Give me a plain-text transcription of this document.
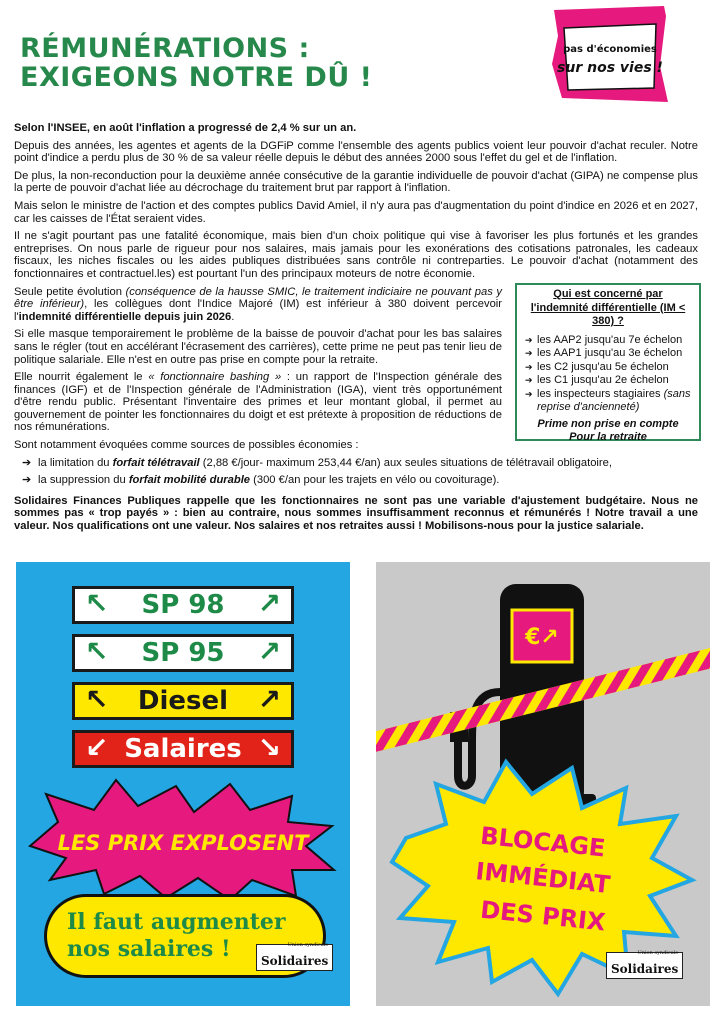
RÉMUNÉRATIONS :
EXIGEONS NOTRE DÛ !
pas d'économies
sur nos vies !

Selon l'INSEE, en août l'inflation a progressé de 2,4 % sur un an.

Depuis des années, les agentes et agents de la DGFiP comme l'ensemble des agents publics voient leur pouvoir d'achat reculer. Notre point d'indice a perdu plus de 30 % de sa valeur réelle depuis le début des années 2000 sous l'effet du gel et de l'inflation.

De plus, la non-reconduction pour la deuxième année consécutive de la garantie individuelle de pouvoir d'achat (GIPA) ne compense plus la perte de pouvoir d'achat liée au décrochage du traitement brut par rapport à l'inflation.

Mais selon le ministre de l'action et des comptes publics David Amiel, il n'y aura pas d'augmentation du point d'indice en 2026 et en 2027, car les caisses de l'État seraient vides.

Il ne s'agit pourtant pas une fatalité économique, mais bien d'un choix politique qui vise à favoriser les plus fortunés et les grandes entreprises. On nous parle de rigueur pour nos salaires, mais jamais pour les exonérations des cotisations patronales, les cadeaux fiscaux, les niches fiscales ou les aides publiques distribuées sans contrôle ni contreparties. Le pouvoir d'achat (notamment des fonctionnaires et contractuel.les) est pourtant l'un des principaux moteurs de notre économie.

Seule petite évolution (conséquence de la hausse SMIC, le traitement indiciaire ne pouvant pas y être inférieur), les collègues dont l'Indice Majoré (IM) est inférieur à 380 doivent percevoir l'indemnité différentielle depuis juin 2026.

Si elle masque temporairement le problème de la baisse de pouvoir d'achat pour les bas salaires sans le régler (tout en accélérant l'écrasement des carrières), cette prime ne peut pas tenir lieu de politique salariale. Elle n'est en outre pas prise en compte pour la retraite.

Elle nourrit également le « fonctionnaire bashing » : un rapport de l'Inspection générale des finances (IGF) et de l'Inspection générale de l'Administration (IGA), vient très opportunément d'être rendu public. Présentant l'inventaire des primes et leur montant global, il permet au gouvernement de pointer les fonctionnaires du doigt et est prétexte à proposition de réductions de nos rémunérations.

Sont notamment évoquées comme sources de possibles économies :

➔ la limitation du forfait télétravail (2,88 €/jour- maximum 253,44 €/an) aux seules situations de télétravail obligatoire,

➔ la suppression du forfait mobilité durable (300 €/an pour les trajets en vélo ou covoiturage).

Solidaires Finances Publiques rappelle que les fonctionnaires ne sont pas une variable d'ajustement budgétaire. Nous ne sommes pas « trop payés » : bien au contraire, nous sommes insuffisamment reconnus et rémunérés ! Notre travail a une valeur. Nos qualifications ont une valeur. Nos salaires et nos retraites aussi ! Mobilisons-nous pour la justice salariale.

Qui est concerné par l'indemnité différentielle (IM < 380) ?
➔ les AAP2 jusqu'au 7e échelon
➔ les AAP1 jusqu'au 3e échelon
➔ les C2 jusqu'au 5e échelon
➔ les C1 jusqu'au 2e échelon
➔ les inspecteurs stagiaires (sans reprise d'ancienneté)
Prime non prise en compte
Pour la retraite
↖ SP 98 ↗
↖ SP 95 ↗
↖ Diesel ↗
↙ Salaires ↘
LES PRIX EXPLOSENT
Il faut augmenter
nos salaires !	Union syndicale
Solidaires
€↗
BLOCAGE
IMMÉDIAT
DES PRIX
Union syndicale
Solidaires
